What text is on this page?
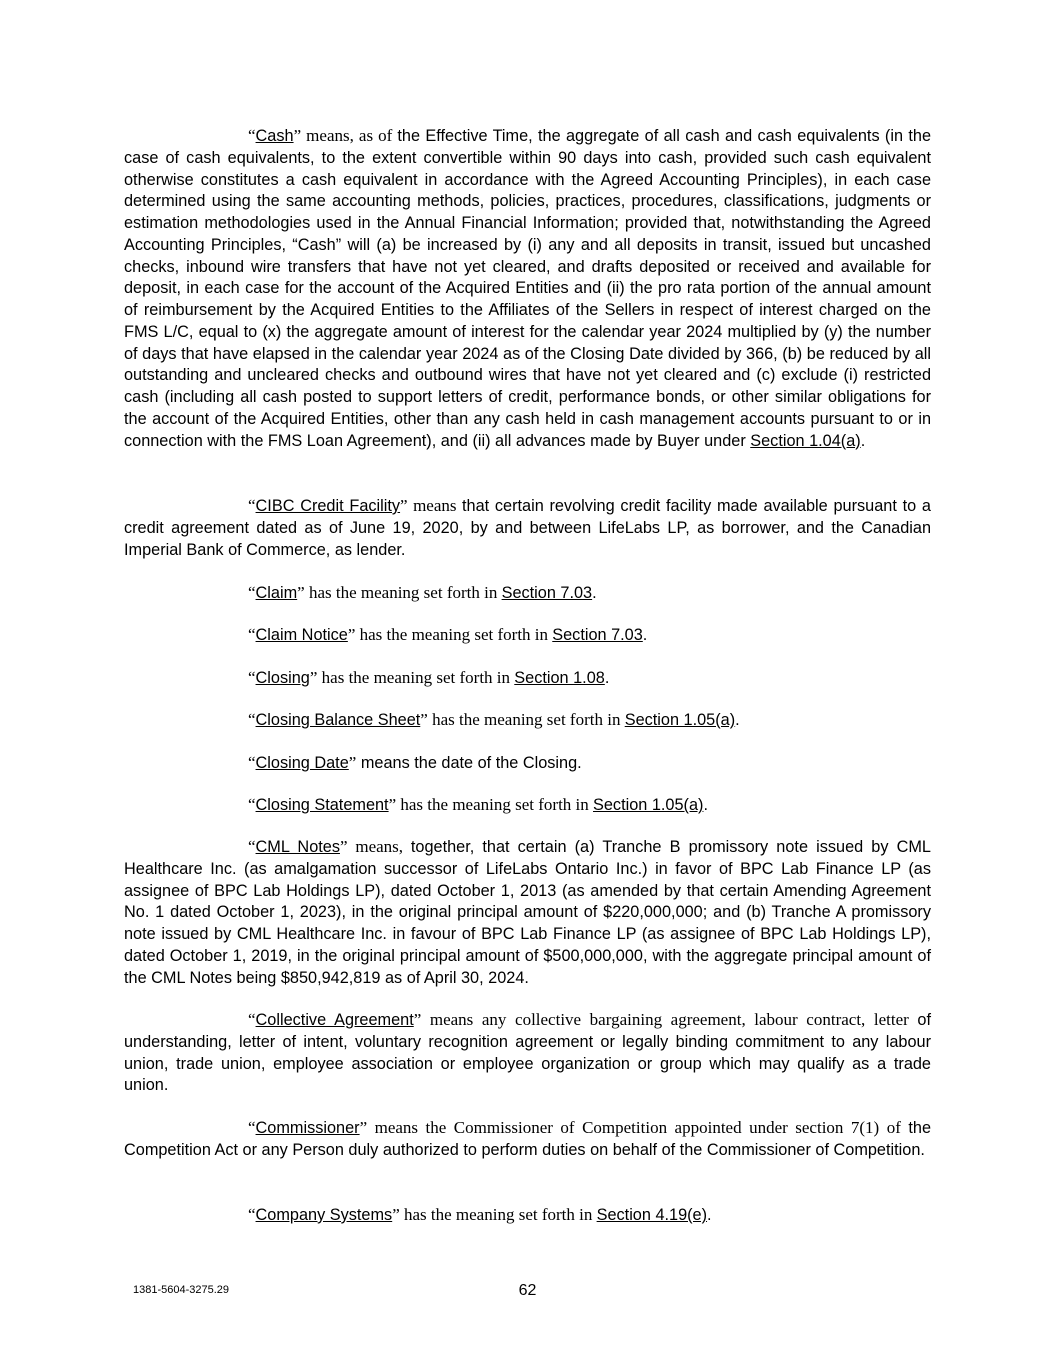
“Cash” means, as of the Effective Time, the aggregate of all cash and cash equivalents (in the case of cash equivalents, to the extent convertible within 90 days into cash, provided such cash equivalent otherwise constitutes a cash equivalent in accordance with the Agreed Accounting Principles), in each case determined using the same accounting methods, policies, practices, procedures, classifications, judgments or estimation methodologies used in the Annual Financial Information; provided that, notwithstanding the Agreed Accounting Principles, “Cash” will (a) be increased by (i) any and all deposits in transit, issued but uncashed checks, inbound wire transfers that have not yet cleared, and drafts deposited or received and available for deposit, in each case for the account of the Acquired Entities and (ii) the pro rata portion of the annual amount of reimbursement by the Acquired Entities to the Affiliates of the Sellers in respect of interest charged on the FMS L/C, equal to (x) the aggregate amount of interest for the calendar year 2024 multiplied by (y) the number of days that have elapsed in the calendar year 2024 as of the Closing Date divided by 366, (b) be reduced by all outstanding and uncleared checks and outbound wires that have not yet cleared and (c) exclude (i) restricted cash (including all cash posted to support letters of credit, performance bonds, or other similar obligations for the account of the Acquired Entities, other than any cash held in cash management accounts pursuant to or in connection with the FMS Loan Agreement), and (ii) all advances made by Buyer under Section 1.04(a).

“CIBC Credit Facility” means that certain revolving credit facility made available pursuant to a credit agreement dated as of June 19, 2020, by and between LifeLabs LP, as borrower, and the Canadian Imperial Bank of Commerce, as lender.

“Claim” has the meaning set forth in Section 7.03.

“Claim Notice” has the meaning set forth in Section 7.03.

“Closing” has the meaning set forth in Section 1.08.

“Closing Balance Sheet” has the meaning set forth in Section 1.05(a).

“Closing Date” means the date of the Closing.

“Closing Statement” has the meaning set forth in Section 1.05(a).

“CML Notes” means, together, that certain (a) Tranche B promissory note issued by CML Healthcare Inc. (as amalgamation successor of LifeLabs Ontario Inc.) in favor of BPC Lab Finance LP (as assignee of BPC Lab Holdings LP), dated October 1, 2013 (as amended by that certain Amending Agreement No. 1 dated October 1, 2023), in the original principal amount of $220,000,000; and (b) Tranche A promissory note issued by CML Healthcare Inc. in favour of BPC Lab Finance LP (as assignee of BPC Lab Holdings LP), dated October 1, 2019, in the original principal amount of $500,000,000, with the aggregate principal amount of the CML Notes being $850,942,819 as of April 30, 2024.

“Collective Agreement” means any collective bargaining agreement, labour contract, letter of understanding, letter of intent, voluntary recognition agreement or legally binding commitment to any labour union, trade union, employee association or employee organization or group which may qualify as a trade union.

“Commissioner” means the Commissioner of Competition appointed under section 7(1) of the Competition Act or any Person duly authorized to perform duties on behalf of the Commissioner of Competition.

“Company Systems” has the meaning set forth in Section 4.19(e).

1381-5604-3275.29	62
